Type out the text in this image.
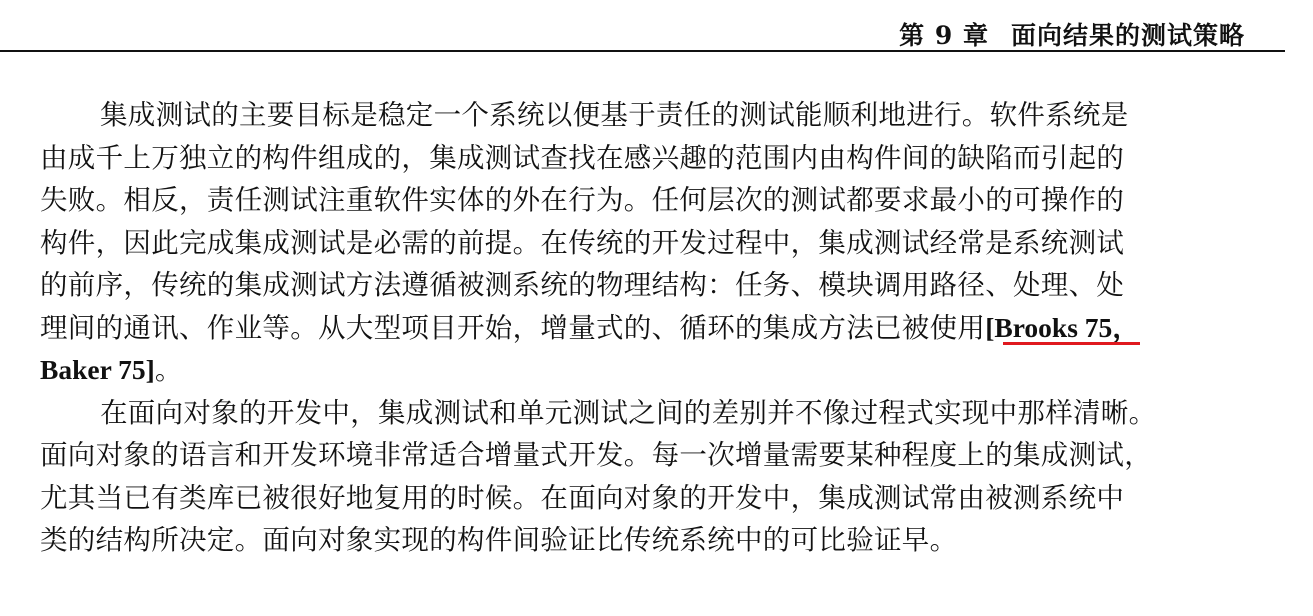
第 9 章 面向结果的测试策略
集成测试的主要目标是稳定一个系统以便基于责任的测试能顺利地进行。软件系统是
由成千上万独立的构件组成的，集成测试查找在感兴趣的范围内由构件间的缺陷而引起的
失败。相反，责任测试注重软件实体的外在行为。任何层次的测试都要求最小的可操作的
构件，因此完成集成测试是必需的前提。在传统的开发过程中，集成测试经常是系统测试
的前序，传统的集成测试方法遵循被测系统的物理结构：任务、模块调用路径、处理、处
理间的通讯、作业等。从大型项目开始，增量式的、循环的集成方法已被使用[Brooks 75，
Baker 75]。
在面向对象的开发中，集成测试和单元测试之间的差别并不像过程式实现中那样清晰。
面向对象的语言和开发环境非常适合增量式开发。每一次增量需要某种程度上的集成测试，
尤其当已有类库已被很好地复用的时候。在面向对象的开发中，集成测试常由被测系统中
类的结构所决定。面向对象实现的构件间验证比传统系统中的可比验证早。
